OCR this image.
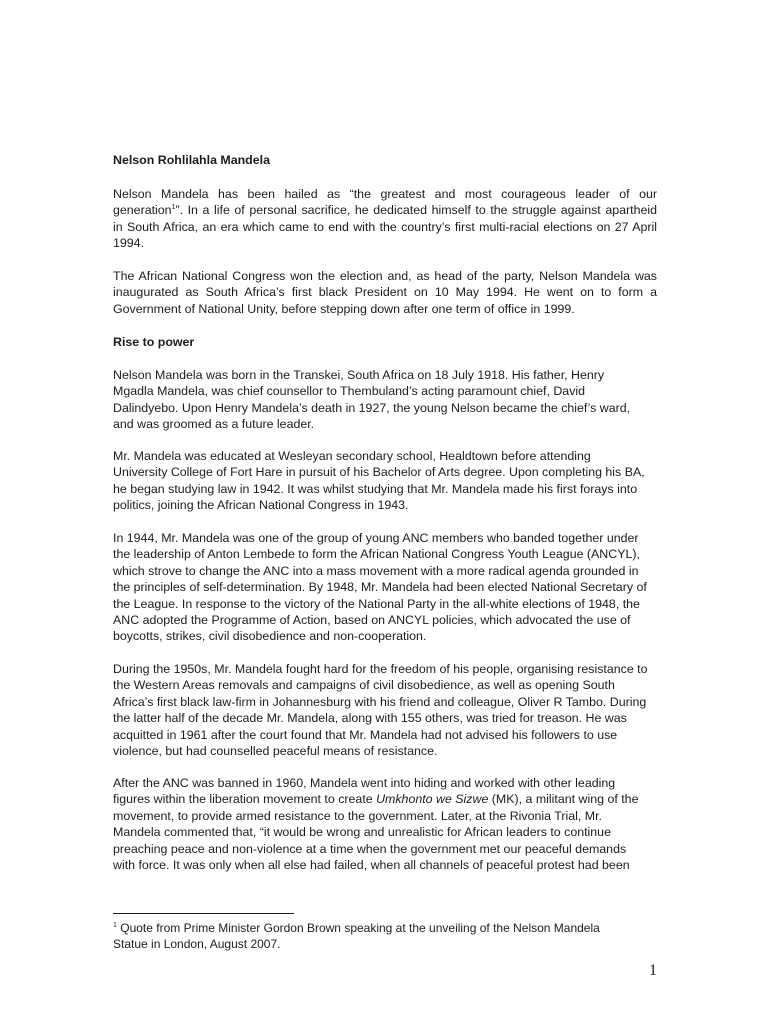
Nelson Rohlilahla Mandela
Nelson Mandela has been hailed as “the greatest and most courageous leader of our
generation$^1$”. In a life of personal sacrifice, he dedicated himself to the struggle against apartheid
in South Africa, an era which came to end with the country’s first multi-racial elections on 27 April
1994.
The African National Congress won the election and, as head of the party, Nelson Mandela was
inaugurated as South Africa’s first black President on 10 May 1994. He went on to form a
Government of National Unity, before stepping down after one term of office in 1999.
Rise to power
Nelson Mandela was born in the Transkei, South Africa on 18 July 1918. His father, Henry
Mgadla Mandela, was chief counsellor to Thembuland’s acting paramount chief, David
Dalindyebo. Upon Henry Mandela’s death in 1927, the young Nelson became the chief’s ward,
and was groomed as a future leader.
Mr. Mandela was educated at Wesleyan secondary school, Healdtown before attending
University College of Fort Hare in pursuit of his Bachelor of Arts degree. Upon completing his BA,
he began studying law in 1942. It was whilst studying that Mr. Mandela made his first forays into
politics, joining the African National Congress in 1943.
In 1944, Mr. Mandela was one of the group of young ANC members who banded together under
the leadership of Anton Lembede to form the African National Congress Youth League (ANCYL),
which strove to change the ANC into a mass movement with a more radical agenda grounded in
the principles of self-determination. By 1948, Mr. Mandela had been elected National Secretary of
the League. In response to the victory of the National Party in the all-white elections of 1948, the
ANC adopted the Programme of Action, based on ANCYL policies, which advocated the use of
boycotts, strikes, civil disobedience and non-cooperation.
During the 1950s, Mr. Mandela fought hard for the freedom of his people, organising resistance to
the Western Areas removals and campaigns of civil disobedience, as well as opening South
Africa’s first black law-firm in Johannesburg with his friend and colleague, Oliver R Tambo. During
the latter half of the decade Mr. Mandela, along with 155 others, was tried for treason. He was
acquitted in 1961 after the court found that Mr. Mandela had not advised his followers to use
violence, but had counselled peaceful means of resistance.
After the ANC was banned in 1960, Mandela went into hiding and worked with other leading
figures within the liberation movement to create Umkhonto we Sizwe (MK), a militant wing of the
movement, to provide armed resistance to the government. Later, at the Rivonia Trial, Mr.
Mandela commented that, “it would be wrong and unrealistic for African leaders to continue
preaching peace and non-violence at a time when the government met our peaceful demands
with force. It was only when all else had failed, when all channels of peaceful protest had been
$^1$ Quote from Prime Minister Gordon Brown speaking at the unveiling of the Nelson Mandela
Statue in London, August 2007.
1
